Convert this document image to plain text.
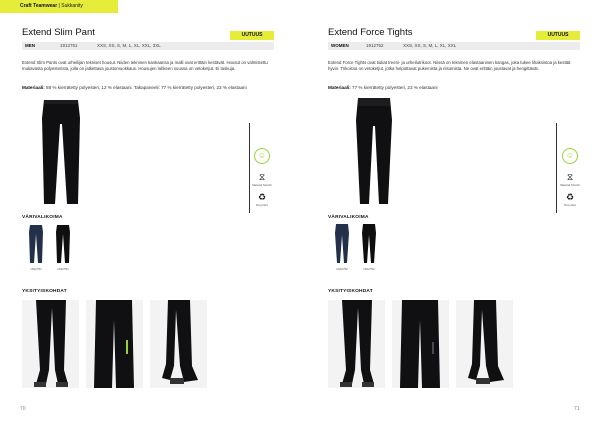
Craft Teamwear | Sukkanity
Extend Slim Pant	UUTUUS
MEN	1912751	XXS, XS, S, M, L, XL, XXL, 3XL
Extend Slim Pants ovat urheilijan tekniset housut. Niiden tekninen kankaansa ja malli ovat erittäin kestävät. Housut on valmistettu mukavasta polyesterista, jolla on jatkettava joustomuokkaus. Housujen lahkeen suussa on vetoketjut. Ei taskuja.
Materiaali: 88 % kierrätetty polyesteri, 12 % elastaani. Takapaneeli: 77 % kierrätetty polyesteri, 23 % elastaani
☺
⧖
Material Stretch
♻
Recycled
VÄRIVALIKOIMA
1912751	1912751
YKSITYISKOHDAT
70
Extend Force Tights	UUTUUS
WOMEN	1912752	XXS, XS, S, M, L, XL, XXL
Extend Force Tights ovat tiukat treeni- ja urheilutrikoot. Niissä on tekninen elastaaninen kangas, joka tukee lihaksistoa ja kestää hyvin. Trikoissa on vetoketjut, jotka helpottavat pukemista ja riisumista. Ne ovat erittäin joustavat ja hengittävät.
Materiaali: 77 % kierrätetty polyesteri, 23 % elastaani
☺
⧖
Material Stretch
♻
Recycled
VÄRIVALIKOIMA
1912752	1912752
YKSITYISKOHDAT
71
